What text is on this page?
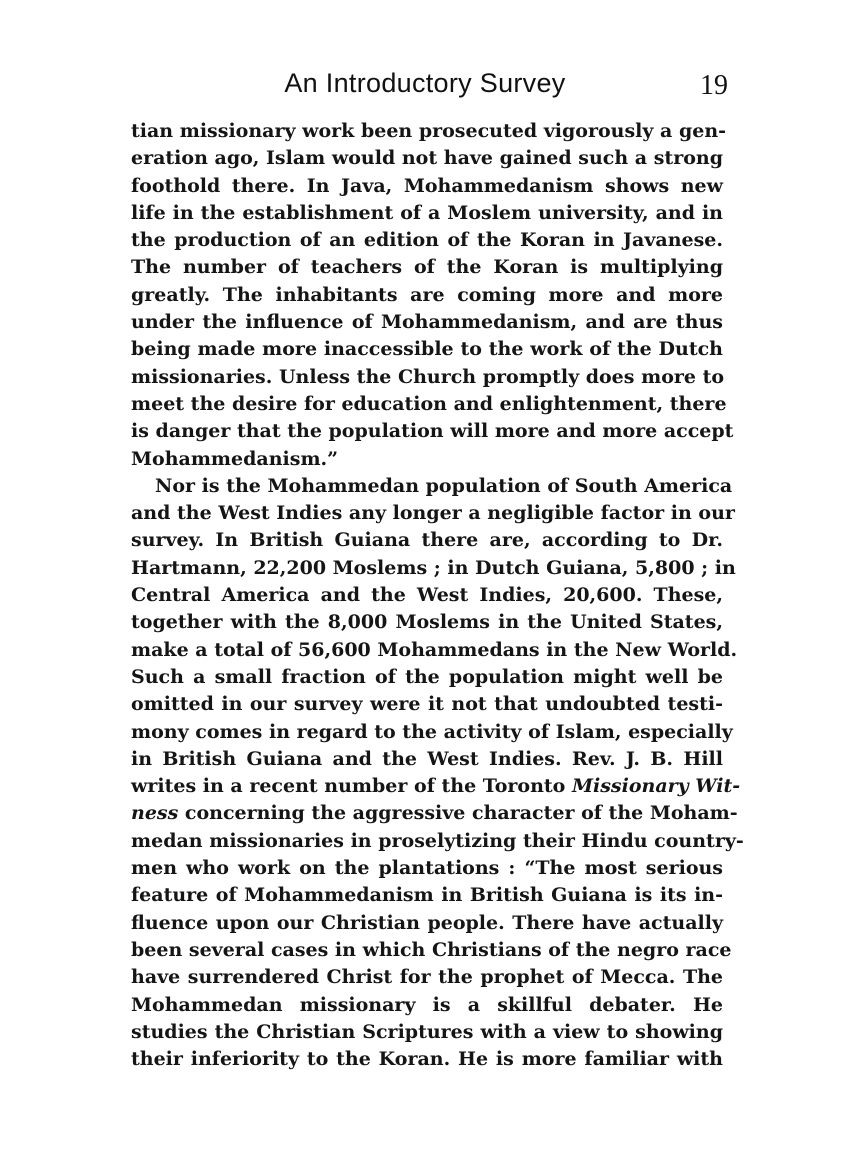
An Introductory Survey	19
tian missionary work been prosecuted vigorously a gen-
eration ago, Islam would not have gained such a strong
foothold there. In Java, Mohammedanism shows new
life in the establishment of a Moslem university, and in
the production of an edition of the Koran in Javanese.
The number of teachers of the Koran is multiplying
greatly. The inhabitants are coming more and more
under the influence of Mohammedanism, and are thus
being made more inaccessible to the work of the Dutch
missionaries. Unless the Church promptly does more to
meet the desire for education and enlightenment, there
is danger that the population will more and more accept
Mohammedanism.”
Nor is the Mohammedan population of South America
and the West Indies any longer a negligible factor in our
survey. In British Guiana there are, according to Dr.
Hartmann, 22,200 Moslems ; in Dutch Guiana, 5,800 ; in
Central America and the West Indies, 20,600. These,
together with the 8,000 Moslems in the United States,
make a total of 56,600 Mohammedans in the New World.
Such a small fraction of the population might well be
omitted in our survey were it not that undoubted testi-
mony comes in regard to the activity of Islam, especially
in British Guiana and the West Indies. Rev. J. B. Hill
writes in a recent number of the Toronto Missionary Wit-
ness concerning the aggressive character of the Moham-
medan missionaries in proselytizing their Hindu country-
men who work on the plantations : “The most serious
feature of Mohammedanism in British Guiana is its in-
fluence upon our Christian people. There have actually
been several cases in which Christians of the negro race
have surrendered Christ for the prophet of Mecca. The
Mohammedan missionary is a skillful debater. He
studies the Christian Scriptures with a view to showing
their inferiority to the Koran. He is more familiar with
